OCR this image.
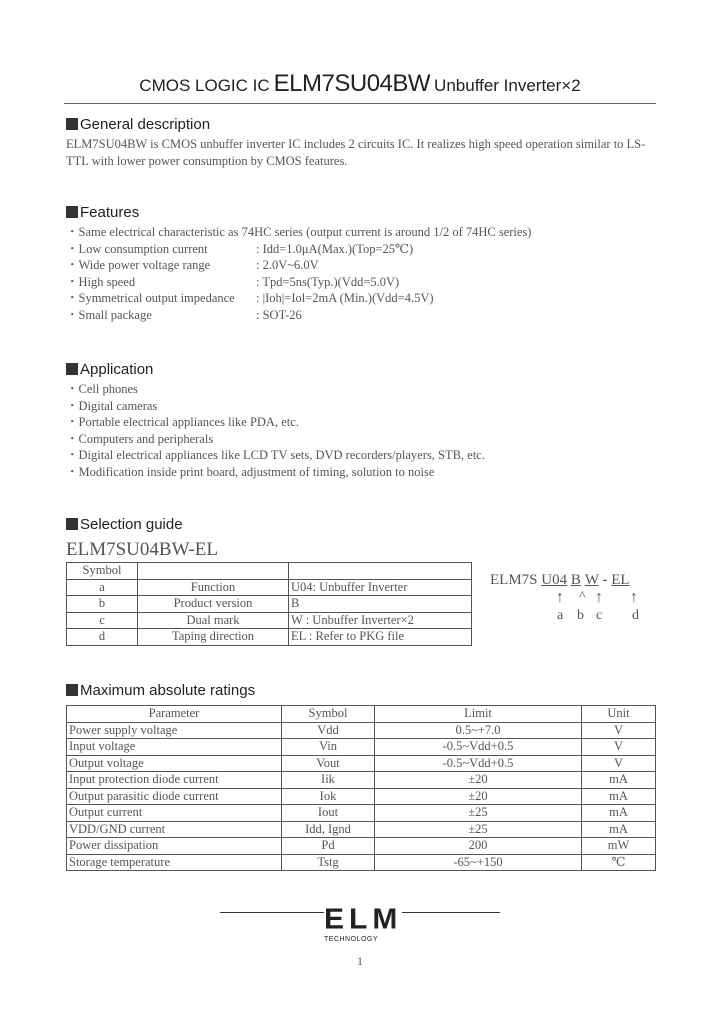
CMOS LOGIC IC ELM7SU04BW Unbuffer Inverter×2
General description
ELM7SU04BW is CMOS unbuffer inverter IC includes 2 circuits IC. It realizes high speed operation similar to LS-TTL with lower power consumption by CMOS features.
Features
・Same electrical characteristic as 74HC series (output current is around 1/2 of 74HC series)
・Low consumption current	: Idd=1.0μA(Max.)(Top=25℃)
・Wide power voltage range	: 2.0V~6.0V
・High speed	: Tpd=5ns(Typ.)(Vdd=5.0V)
・Symmetrical output impedance : |Ioh|=Iol=2mA (Min.)(Vdd=4.5V)
・Small package	: SOT-26
Application
・Cell phones
・Digital cameras
・Portable electrical appliances like PDA, etc.
・Computers and peripherals
・Digital electrical appliances like LCD TV sets, DVD recorders/players, STB, etc.
・Modification inside print board, adjustment of timing, solution to noise
Selection guide
ELM7SU04BW-EL
Symbol		
a	Function	U04: Unbuffer Inverter
b	Product version	B
c	Dual mark	W : Unbuffer Inverter×2
d	Taping direction	EL : Refer to PKG file
ELM7S U04 B W - EL
↑ ^ ↑ ↑
a b c d
Maximum absolute ratings
Parameter	Symbol	Limit	Unit
Power supply voltage	Vdd	0.5~+7.0	V
Input voltage	Vin	-0.5~Vdd+0.5	V
Output voltage	Vout	-0.5~Vdd+0.5	V
Input protection diode current	Iik	±20	mA
Output parasitic diode current	Iok	±20	mA
Output current	Iout	±25	mA
VDD/GND current	Idd, Ignd	±25	mA
Power dissipation	Pd	200	mW
Storage temperature	Tstg	-65~+150	℃
ELM
TECHNOLOGY
1
